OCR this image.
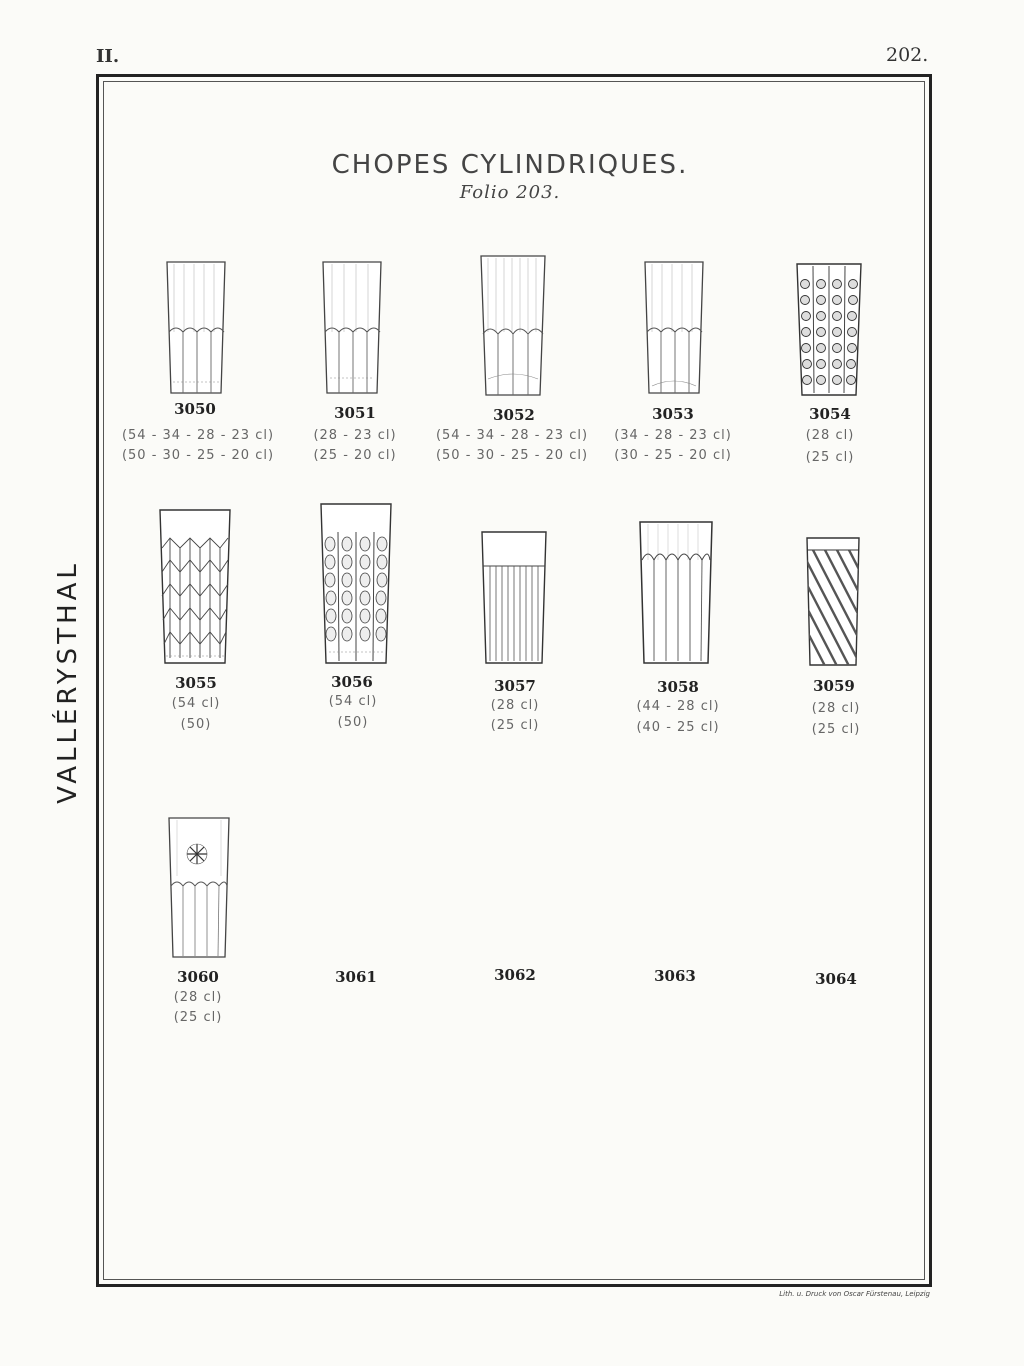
II.	202.
VALLÉRYSTHAL
CHOPES CYLINDRIQUES.
Folio 203.
3050	3051	3052	3053	3054
3055	3056	3057	3058	3059
3060	3061	3062	3063	3064
(54 - 34 - 28 - 23 cl)
(50 - 30 - 25 - 20 cl)
(28 - 23 cl)
(25 - 20 cl)
(54 - 34 - 28 - 23 cl)
(50 - 30 - 25 - 20 cl)
(34 - 28 - 23 cl)
(30 - 25 - 20 cl)
(28 cl)
(25 cl)
(54 cl)
(50)
(54 cl)
(50)
(28 cl)
(25 cl)
(44 - 28 cl)
(40 - 25 cl)
(28 cl)
(25 cl)
(28 cl)
(25 cl)
Lith. u. Druck von Oscar Fürstenau, Leipzig
